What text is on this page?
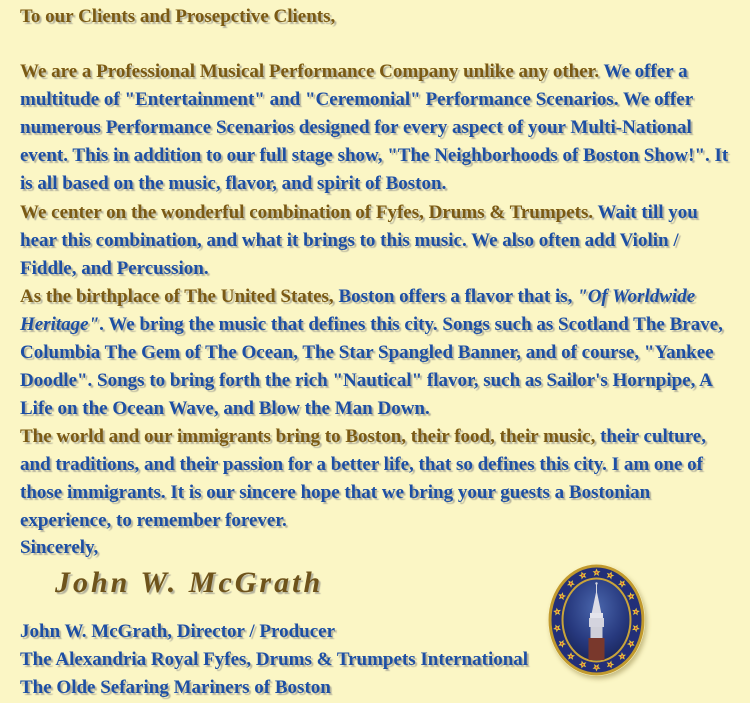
To our Clients and Prosepctive Clients,
We are a Professional Musical Performance Company unlike any other. We offer a multitude of "Entertainment" and "Ceremonial" Performance Scenarios. We offer numerous Performance Scenarios designed for every aspect of your Multi-National event. This in addition to our full stage show, "The Neighborhoods of Boston Show!". It is all based on the music, flavor, and spirit of Boston.
We center on the wonderful combination of Fyfes, Drums & Trumpets. Wait till you hear this combination, and what it brings to this music. We also often add Violin / Fiddle, and Percussion.
As the birthplace of The United States, Boston offers a flavor that is, "Of Worldwide Heritage". We bring the music that defines this city. Songs such as Scotland The Brave, Columbia The Gem of The Ocean, The Star Spangled Banner, and of course, "Yankee Doodle". Songs to bring forth the rich "Nautical" flavor, such as Sailor's Hornpipe, A Life on the Ocean Wave, and Blow the Man Down.
The world and our immigrants bring to Boston, their food, their music, their culture, and traditions, and their passion for a better life, that so defines this city. I am one of those immigrants. It is our sincere hope that we bring your guests a Bostonian experience, to remember forever.
Sincerely,
John W. McGrath
John W. McGrath, Director / Producer
The Alexandria Royal Fyfes, Drums & Trumpets International
The Olde Sefaring Mariners of Boston
